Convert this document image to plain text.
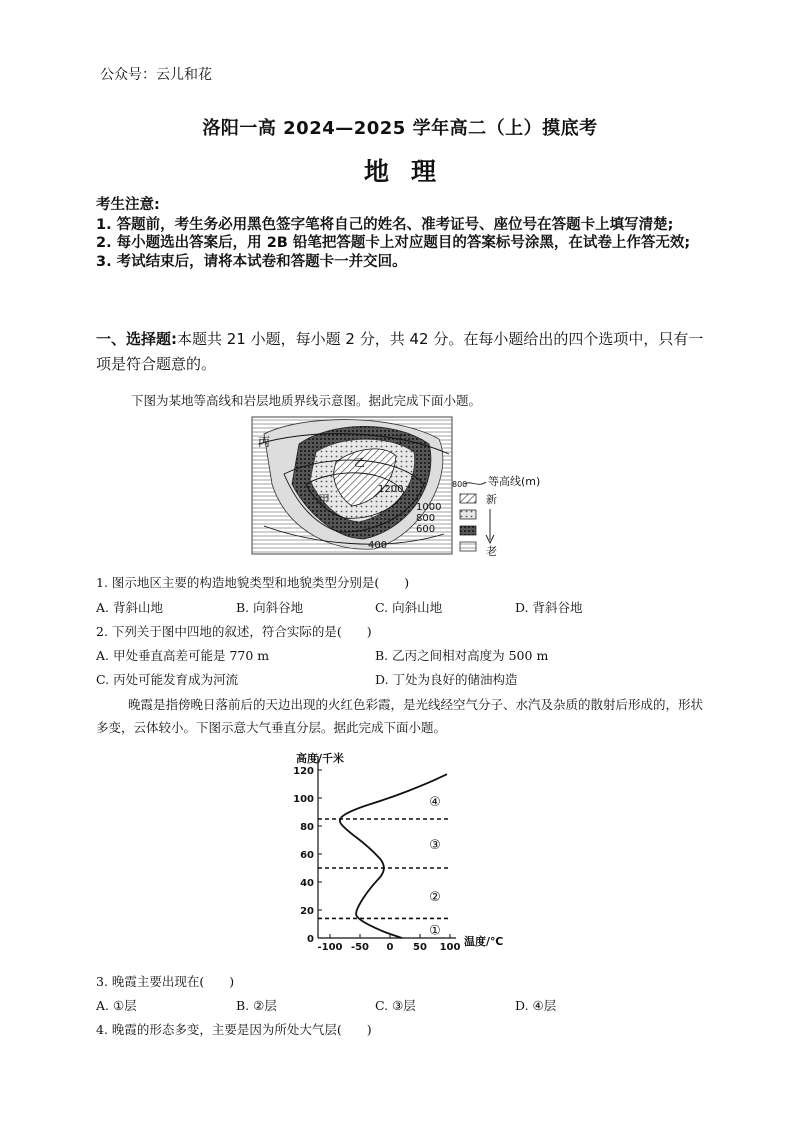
公众号：云儿和花
洛阳一高 2024—2025 学年高二（上）摸底考
地理
考生注意:
1. 答题前，考生务必用黑色签字笔将自己的姓名、准考证号、座位号在答题卡上填写清楚;
2. 每小题选出答案后，用 2B 铅笔把答题卡上对应题目的答案标号涂黑，在试卷上作答无效;
3. 考试结束后，请将本试卷和答题卡一并交回。
一、选择题:本题共 21 小题，每小题 2 分，共 42 分。在每小题给出的四个选项中，只有一项是符合题意的。
下图为某地等高线和岩层地质界线示意图。据此完成下面小题。
丙	丁
乙
甲
1200
1000
800
600
400
800 等高线(m)
新
老
1. 图示地区主要的构造地貌类型和地貌类型分别是(　　)
A. 背斜山地	B. 向斜谷地	C. 向斜山地	D. 背斜谷地
2. 下列关于图中四地的叙述，符合实际的是(　　)
A. 甲处垂直高差可能是 770 m	B. 乙丙之间相对高度为 500 m
C. 丙处可能发育成为河流	D. 丁处为良好的储油构造
晚霞是指傍晚日落前后的天边出现的火红色彩霞，是光线经空气分子、水汽及杂质的散射后形成的，形状多变，云体较小。下图示意大气垂直分层。据此完成下面小题。
0
20
40
60
80
100
120
-100 -50 0 50 100
①
②
③
④
高度/千米
温度/℃
3. 晚霞主要出现在(　　)
A. ①层	B. ②层	C. ③层	D. ④层
4. 晚霞的形态多变，主要是因为所处大气层(　　)
